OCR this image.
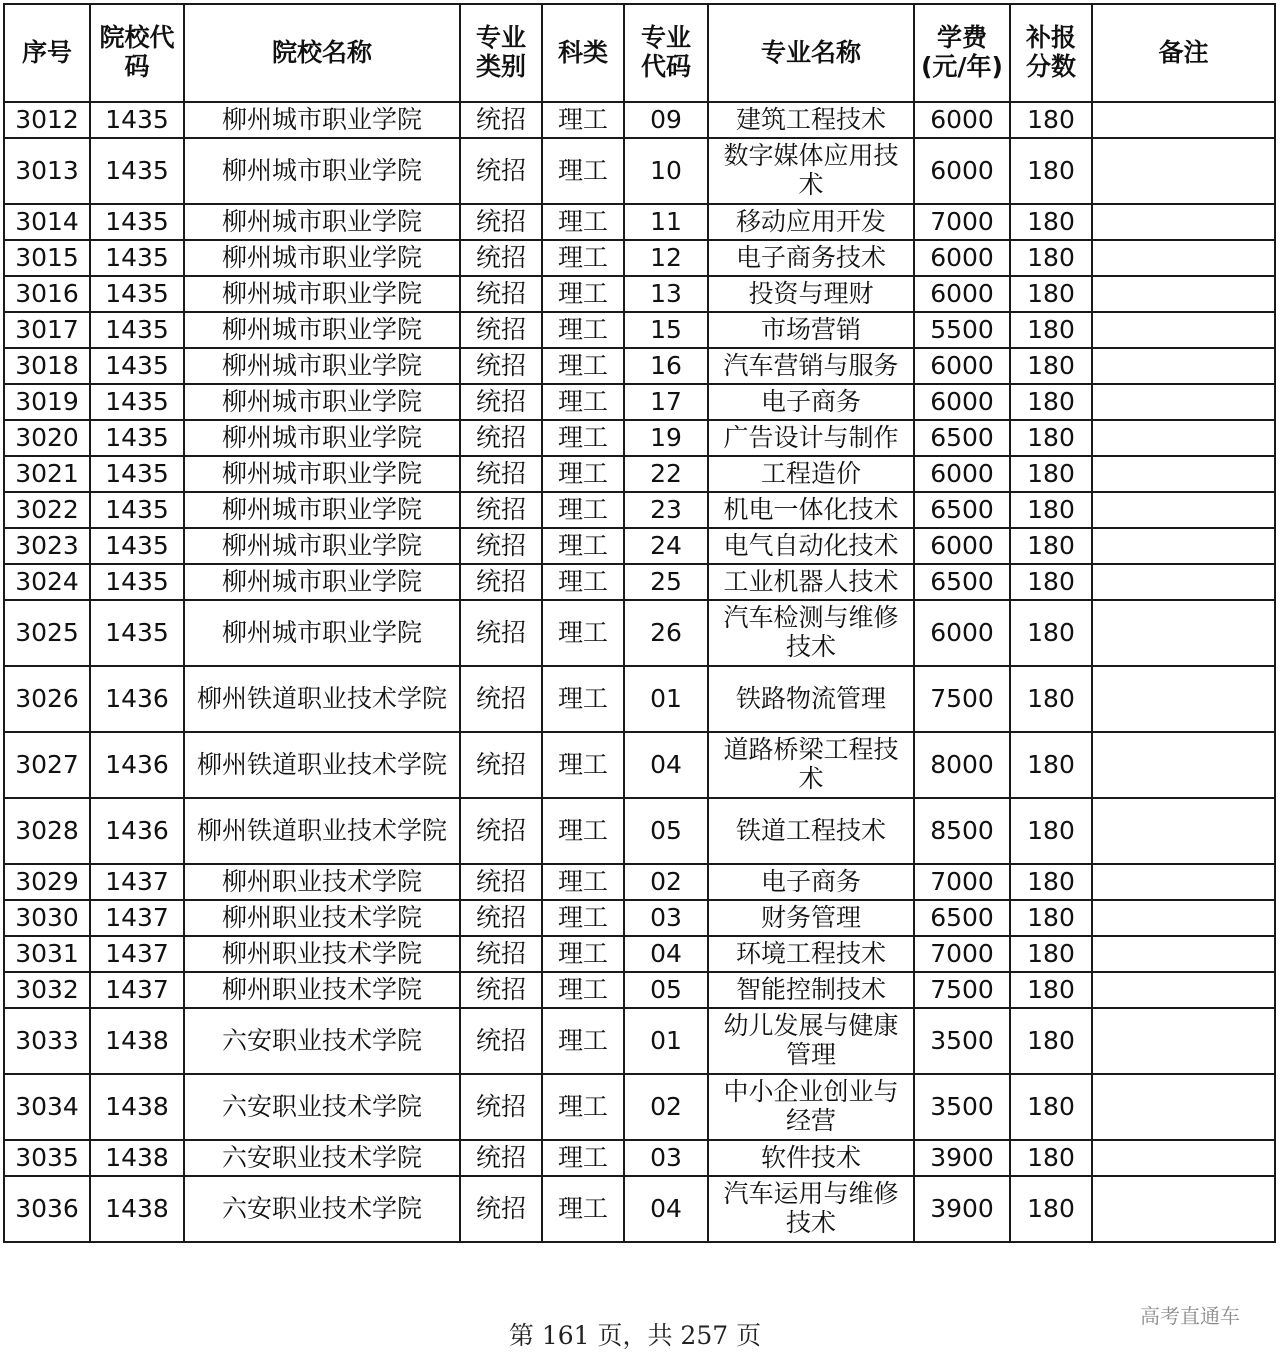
序号	院校代码	院校名称	专业类别	科类	专业代码	专业名称	学费(元/年)	补报分数	备注
3012	1435	柳州城市职业学院	统招	理工	09	建筑工程技术	6000	180	
3013	1435	柳州城市职业学院	统招	理工	10	数字媒体应用技术	6000	180	
3014	1435	柳州城市职业学院	统招	理工	11	移动应用开发	7000	180	
3015	1435	柳州城市职业学院	统招	理工	12	电子商务技术	6000	180	
3016	1435	柳州城市职业学院	统招	理工	13	投资与理财	6000	180	
3017	1435	柳州城市职业学院	统招	理工	15	市场营销	5500	180	
3018	1435	柳州城市职业学院	统招	理工	16	汽车营销与服务	6000	180	
3019	1435	柳州城市职业学院	统招	理工	17	电子商务	6000	180	
3020	1435	柳州城市职业学院	统招	理工	19	广告设计与制作	6500	180	
3021	1435	柳州城市职业学院	统招	理工	22	工程造价	6000	180	
3022	1435	柳州城市职业学院	统招	理工	23	机电一体化技术	6500	180	
3023	1435	柳州城市职业学院	统招	理工	24	电气自动化技术	6000	180	
3024	1435	柳州城市职业学院	统招	理工	25	工业机器人技术	6500	180	
3025	1435	柳州城市职业学院	统招	理工	26	汽车检测与维修技术	6000	180	
3026	1436	柳州铁道职业技术学院	统招	理工	01	铁路物流管理	7500	180	
3027	1436	柳州铁道职业技术学院	统招	理工	04	道路桥梁工程技术	8000	180	
3028	1436	柳州铁道职业技术学院	统招	理工	05	铁道工程技术	8500	180	
3029	1437	柳州职业技术学院	统招	理工	02	电子商务	7000	180	
3030	1437	柳州职业技术学院	统招	理工	03	财务管理	6500	180	
3031	1437	柳州职业技术学院	统招	理工	04	环境工程技术	7000	180	
3032	1437	柳州职业技术学院	统招	理工	05	智能控制技术	7500	180	
3033	1438	六安职业技术学院	统招	理工	01	幼儿发展与健康管理	3500	180	
3034	1438	六安职业技术学院	统招	理工	02	中小企业创业与经营	3500	180	
3035	1438	六安职业技术学院	统招	理工	03	软件技术	3900	180	
3036	1438	六安职业技术学院	统招	理工	04	汽车运用与维修技术	3900	180	
第 161 页，共 257 页
高考直通车
